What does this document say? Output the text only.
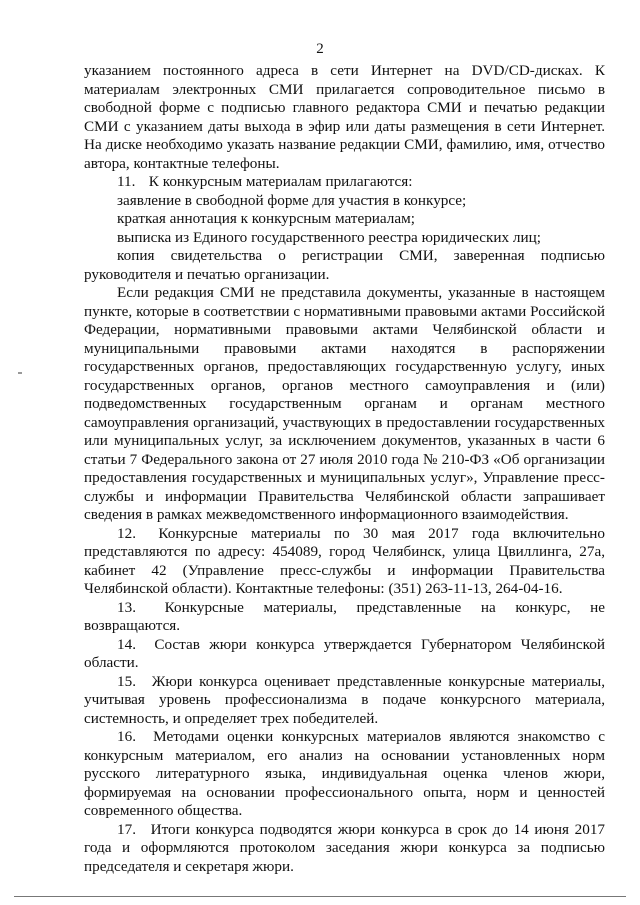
2

указанием постоянного адреса в сети Интернет на DVD/CD-дисках. К материалам электронных СМИ прилагается сопроводительное письмо в свободной форме с подписью главного редактора СМИ и печатью редакции СМИ с указанием даты выхода в эфир или даты размещения в сети Интернет. На диске необходимо указать название редакции СМИ, фамилию, имя, отчество автора, контактные телефоны.

11. К конкурсным материалам прилагаются:

заявление в свободной форме для участия в конкурсе;

краткая аннотация к конкурсным материалам;

выписка из Единого государственного реестра юридических лиц;

копия свидетельства о регистрации СМИ, заверенная подписью руководителя и печатью организации.

Если редакция СМИ не представила документы, указанные в настоящем пункте, которые в соответствии с нормативными правовыми актами Российской Федерации, нормативными правовыми актами Челябинской области и муниципальными правовыми актами находятся в распоряжении государственных органов, предоставляющих государственную услугу, иных государственных органов, органов местного самоуправления и (или) подведомственных государственным органам и органам местного самоуправления организаций, участвующих в предоставлении государственных или муниципальных услуг, за исключением документов, указанных в части 6 статьи 7 Федерального закона от 27 июля 2010 года № 210-ФЗ «Об организации предоставления государственных и муниципальных услуг», Управление пресс-службы и информации Правительства Челябинской области запрашивает сведения в рамках межведомственного информационного взаимодействия.

12. Конкурсные материалы по 30 мая 2017 года включительно представляются по адресу: 454089, город Челябинск, улица Цвиллинга, 27а, кабинет 42 (Управление пресс-службы и информации Правительства Челябинской области). Контактные телефоны: (351) 263-11-13, 264-04-16.

13. Конкурсные материалы, представленные на конкурс, не возвращаются.

14. Состав жюри конкурса утверждается Губернатором Челябинской области.

15. Жюри конкурса оценивает представленные конкурсные материалы, учитывая уровень профессионализма в подаче конкурсного материала, системность, и определяет трех победителей.

16. Методами оценки конкурсных материалов являются знакомство с конкурсным материалом, его анализ на основании установленных норм русского литературного языка, индивидуальная оценка членов жюри, формируемая на основании профессионального опыта, норм и ценностей современного общества.

17. Итоги конкурса подводятся жюри конкурса в срок до 14 июня 2017 года и оформляются протоколом заседания жюри конкурса за подписью председателя и секретаря жюри.
